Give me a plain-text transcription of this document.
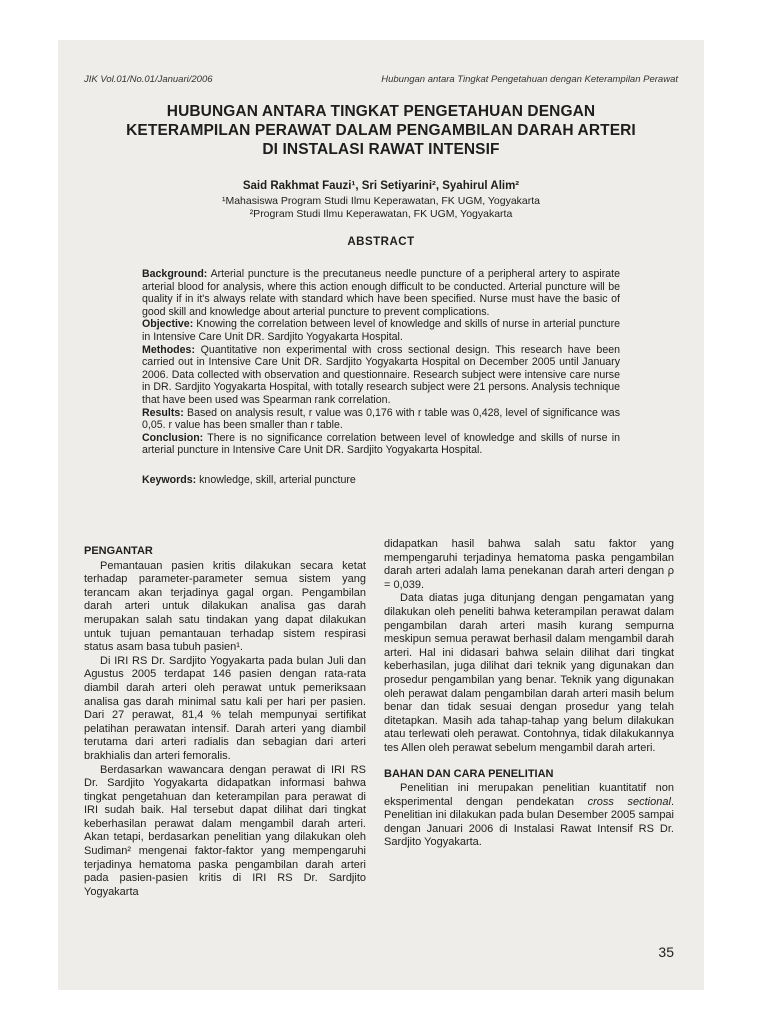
JIK Vol.01/No.01/Januari/2006	Hubungan antara Tingkat Pengetahuan dengan Keterampilan Perawat
HUBUNGAN ANTARA TINGKAT PENGETAHUAN DENGAN
KETERAMPILAN PERAWAT DALAM PENGAMBILAN DARAH ARTERI
DI INSTALASI RAWAT INTENSIF
Said Rakhmat Fauzi¹, Sri Setiyarini², Syahirul Alim²
¹Mahasiswa Program Studi Ilmu Keperawatan, FK UGM, Yogyakarta
²Program Studi Ilmu Keperawatan, FK UGM, Yogyakarta
ABSTRACT

Background: Arterial puncture is the precutaneus needle puncture of a peripheral artery to aspirate arterial blood for analysis, where this action enough difficult to be conducted. Arterial puncture will be quality if in it's always relate with standard which have been specified. Nurse must have the basic of good skill and knowledge about arterial puncture to prevent complications.

Objective: Knowing the correlation between level of knowledge and skills of nurse in arterial puncture in Intensive Care Unit DR. Sardjito Yogyakarta Hospital.

Methodes: Quantitative non experimental with cross sectional design. This research have been carried out in Intensive Care Unit DR. Sardjito Yogyakarta Hospital on December 2005 until January 2006. Data collected with observation and questionnaire. Research subject were intensive care nurse in DR. Sardjito Yogyakarta Hospital, with totally research subject were 21 persons. Analysis technique that have been used was Spearman rank correlation.

Results: Based on analysis result, r value was 0,176 with r table was 0,428, level of significance was 0,05. r value has been smaller than r table.

Conclusion: There is no significance correlation between level of knowledge and skills of nurse in arterial puncture in Intensive Care Unit DR. Sardjito Yogyakarta Hospital.

Keywords: knowledge, skill, arterial puncture

PENGANTAR

Pemantauan pasien kritis dilakukan secara ketat terhadap parameter-parameter semua sistem yang terancam akan terjadinya gagal organ. Pengambilan darah arteri untuk dilakukan analisa gas darah merupakan salah satu tindakan yang dapat dilakukan untuk tujuan pemantauan terhadap sistem respirasi status asam basa tubuh pasien¹.

Di IRI RS Dr. Sardjito Yogyakarta pada bulan Juli dan Agustus 2005 terdapat 146 pasien dengan rata-rata diambil darah arteri oleh perawat untuk pemeriksaan analisa gas darah minimal satu kali per hari per pasien. Dari 27 perawat, 81,4 % telah mempunyai sertifikat pelatihan perawatan intensif. Darah arteri yang diambil terutama dari arteri radialis dan sebagian dari arteri brakhialis dan arteri femoralis.

Berdasarkan wawancara dengan perawat di IRI RS Dr. Sardjito Yogyakarta didapatkan informasi bahwa tingkat pengetahuan dan keterampilan para perawat di IRI sudah baik. Hal tersebut dapat dilihat dari tingkat keberhasilan perawat dalam mengambil darah arteri. Akan tetapi, berdasarkan penelitian yang dilakukan oleh Sudiman² mengenai faktor-faktor yang mempengaruhi terjadinya hematoma paska pengambilan darah arteri pada pasien-pasien kritis di IRI RS Dr. Sardjito Yogyakarta

didapatkan hasil bahwa salah satu faktor yang mempengaruhi terjadinya hematoma paska pengambilan darah arteri adalah lama penekanan darah arteri dengan ρ = 0,039.

Data diatas juga ditunjang dengan pengamatan yang dilakukan oleh peneliti bahwa keterampilan perawat dalam pengambilan darah arteri masih kurang sempurna meskipun semua perawat berhasil dalam mengambil darah arteri. Hal ini didasari bahwa selain dilihat dari tingkat keberhasilan, juga dilihat dari teknik yang digunakan dan prosedur pengambilan yang benar. Teknik yang digunakan oleh perawat dalam pengambilan darah arteri masih belum benar dan tidak sesuai dengan prosedur yang telah ditetapkan. Masih ada tahap-tahap yang belum dilakukan atau terlewati oleh perawat. Contohnya, tidak dilakukannya tes Allen oleh perawat sebelum mengambil darah arteri.

BAHAN DAN CARA PENELITIAN

Penelitian ini merupakan penelitian kuantitatif non eksperimental dengan pendekatan cross sectional. Penelitian ini dilakukan pada bulan Desember 2005 sampai dengan Januari 2006 di Instalasi Rawat Intensif RS Dr. Sardjito Yogyakarta.

35
